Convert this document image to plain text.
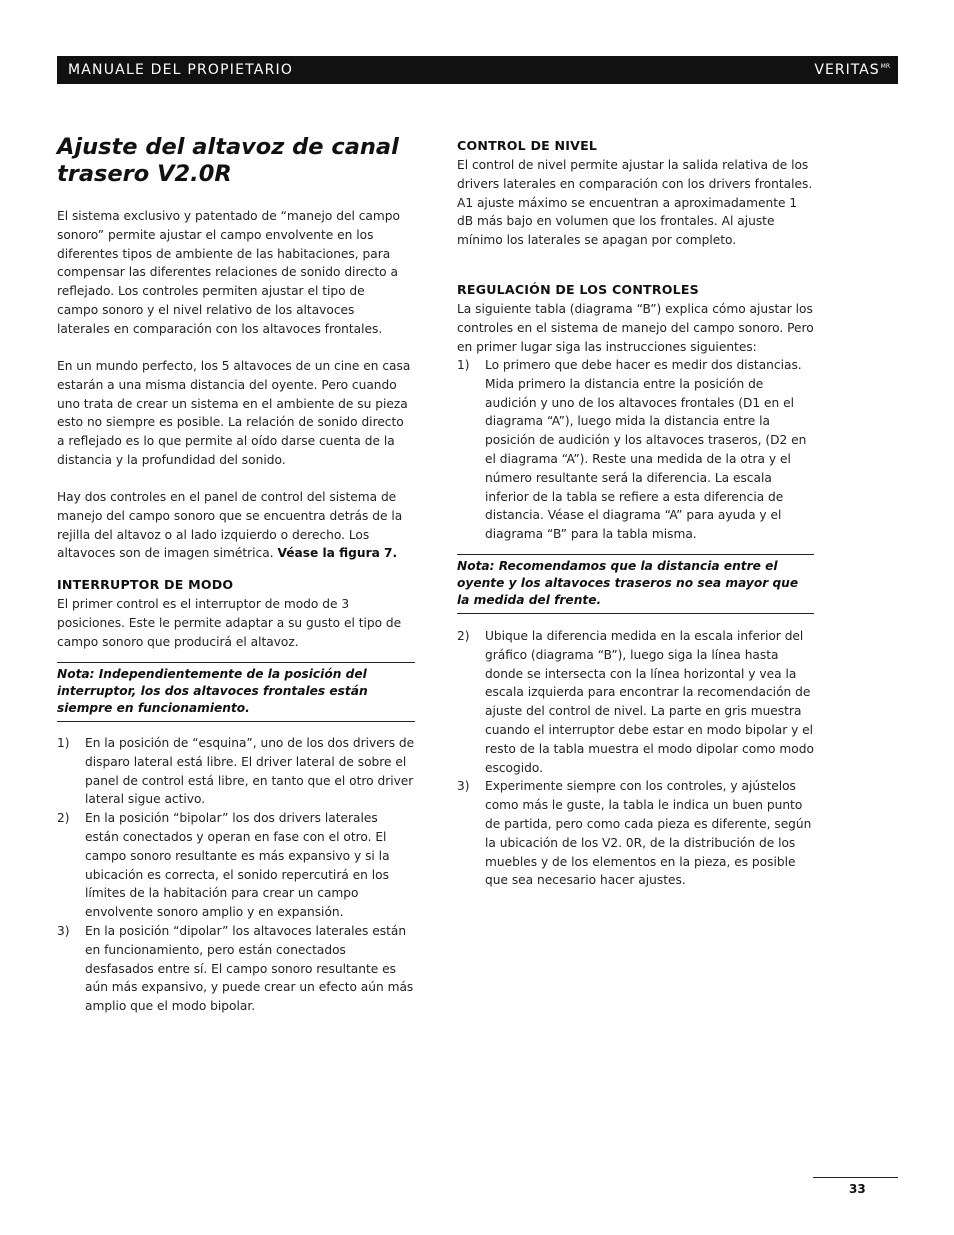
MANUALE DEL PROPIETARIO	$VERITAS^{MR}$
Ajuste del altavoz de canal trasero V2.0R

El sistema exclusivo y patentado de “manejo del campo sonoro” permite ajustar el campo envolvente en los diferentes tipos de ambiente de las habitaciones, para compensar las diferentes relaciones de sonido directo a reflejado. Los controles permiten ajustar el tipo de campo sonoro y el nivel relativo de los altavoces laterales en comparación con los altavoces frontales.

En un mundo perfecto, los 5 altavoces de un cine en casa estarán a una misma distancia del oyente. Pero cuando uno trata de crear un sistema en el ambiente de su pieza esto no siempre es posible. La relación de sonido directo a reflejado es lo que permite al oído darse cuenta de la distancia y la profundidad del sonido.

Hay dos controles en el panel de control del sistema de manejo del campo sonoro que se encuentra detrás de la rejilla del altavoz o al lado izquierdo o derecho. Los altavoces son de imagen simétrica. Véase la figura 7.

INTERRUPTOR DE MODO

El primer control es el interruptor de modo de 3 posiciones. Este le permite adaptar a su gusto el tipo de campo sonoro que producirá el altavoz.

Nota: Independientemente de la posición del interruptor, los dos altavoces frontales están siempre en funcionamiento.
1) En la posición de “esquina”, uno de los dos drivers de disparo lateral está libre. El driver lateral de sobre el panel de control está libre, en tanto que el otro driver lateral sigue activo.
2) En la posición “bipolar” los dos drivers laterales están conectados y operan en fase con el otro. El campo sonoro resultante es más expansivo y si la ubicación es correcta, el sonido repercutirá en los límites de la habitación para crear un campo envolvente sonoro amplio y en expansión.
3) En la posición “dipolar” los altavoces laterales están en funcionamiento, pero están conectados desfasados entre sí. El campo sonoro resultante es aún más expansivo, y puede crear un efecto aún más amplio que el modo bipolar.
CONTROL DE NIVEL

El control de nivel permite ajustar la salida relativa de los drivers laterales en comparación con los drivers frontales. A1 ajuste máximo se encuentran a aproximadamente 1 dB más bajo en volumen que los frontales. Al ajuste mínimo los laterales se apagan por completo.

REGULACIÓN DE LOS CONTROLES

La siguiente tabla (diagrama “B”) explica cómo ajustar los controles en el sistema de manejo del campo sonoro. Pero en primer lugar siga las instrucciones siguientes:

1) Lo primero que debe hacer es medir dos distancias. Mida primero la distancia entre la posición de audición y uno de los altavoces frontales (D1 en el diagrama “A”), luego mida la distancia entre la posición de audición y los altavoces traseros, (D2 en el diagrama “A”). Reste una medida de la otra y el número resultante será la diferencia. La escala inferior de la tabla se refiere a esta diferencia de distancia. Véase el diagrama “A” para ayuda y el diagrama “B” para la tabla misma.
Nota: Recomendamos que la distancia entre el oyente y los altavoces traseros no sea mayor que la medida del frente.
2) Ubique la diferencia medida en la escala inferior del gráfico (diagrama “B”), luego siga la línea hasta donde se intersecta con la línea horizontal y vea la escala izquierda para encontrar la recomendación de ajuste del control de nivel. La parte en gris muestra cuando el interruptor debe estar en modo bipolar y el resto de la tabla muestra el modo dipolar como modo escogido.
3) Experimente siempre con los controles, y ajústelos como más le guste, la tabla le indica un buen punto de partida, pero como cada pieza es diferente, según la ubicación de los V2. 0R, de la distribución de los muebles y de los elementos en la pieza, es posible que sea necesario hacer ajustes.
33
